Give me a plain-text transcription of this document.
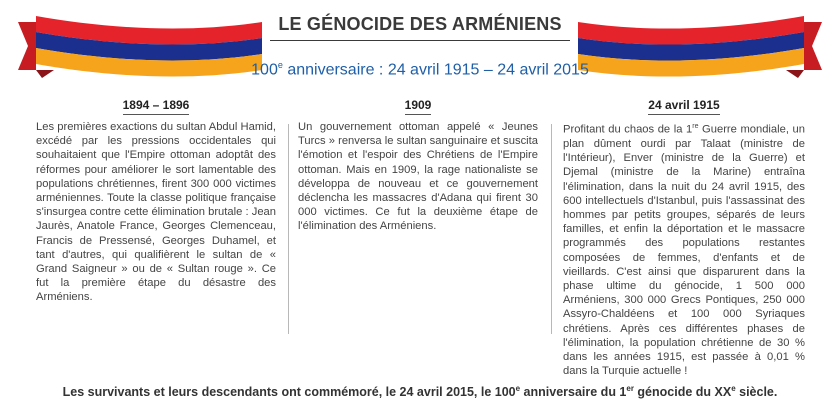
LE GÉNOCIDE DES ARMÉNIENS
100e anniversaire : 24 avril 1915 – 24 avril 2015
1894 – 1896
Les premières exactions du sultan Abdul Hamid, excédé par les pressions occidentales qui souhaitaient que l'Empire ottoman adoptât des réformes pour améliorer le sort lamentable des populations chrétiennes, firent 300 000 victimes arméniennes. Toute la classe politique française s'insurgea contre cette élimination brutale : Jean Jaurès, Anatole France, Georges Clemenceau, Francis de Pressensé, Georges Duhamel, et tant d'autres, qui qualifièrent le sultan de « Grand Saigneur » ou de « Sultan rouge ». Ce fut la première étape du désastre des Arméniens.
1909
Un gouvernement ottoman appelé « Jeunes Turcs » renversa le sultan sanguinaire et suscita l'émotion et l'espoir des Chrétiens de l'Empire ottoman. Mais en 1909, la rage nationaliste se développa de nouveau et ce gouvernement déclencha les massacres d'Adana qui firent 30 000 victimes. Ce fut la deuxième étape de l'élimination des Arméniens.
24 avril 1915
Profitant du chaos de la 1re Guerre mondiale, un plan dûment ourdi par Talaat (ministre de l'Intérieur), Enver (ministre de la Guerre) et Djemal (ministre de la Marine) entraîna l'élimination, dans la nuit du 24 avril 1915, des 600 intellectuels d'Istanbul, puis l'assassinat des hommes par petits groupes, séparés de leurs familles, et enfin la déportation et le massacre programmés des populations restantes composées de femmes, d'enfants et de vieillards. C'est ainsi que disparurent dans la phase ultime du génocide, 1 500 000 Arméniens, 300 000 Grecs Pontiques, 250 000 Assyro-Chaldéens et 100 000 Syriaques chrétiens. Après ces différentes phases de l'élimination, la population chrétienne de 30 % dans les années 1915, est passée à 0,01 % dans la Turquie actuelle !
Les survivants et leurs descendants ont commémoré, le 24 avril 2015, le 100e anniversaire du 1er génocide du XXe siècle.
